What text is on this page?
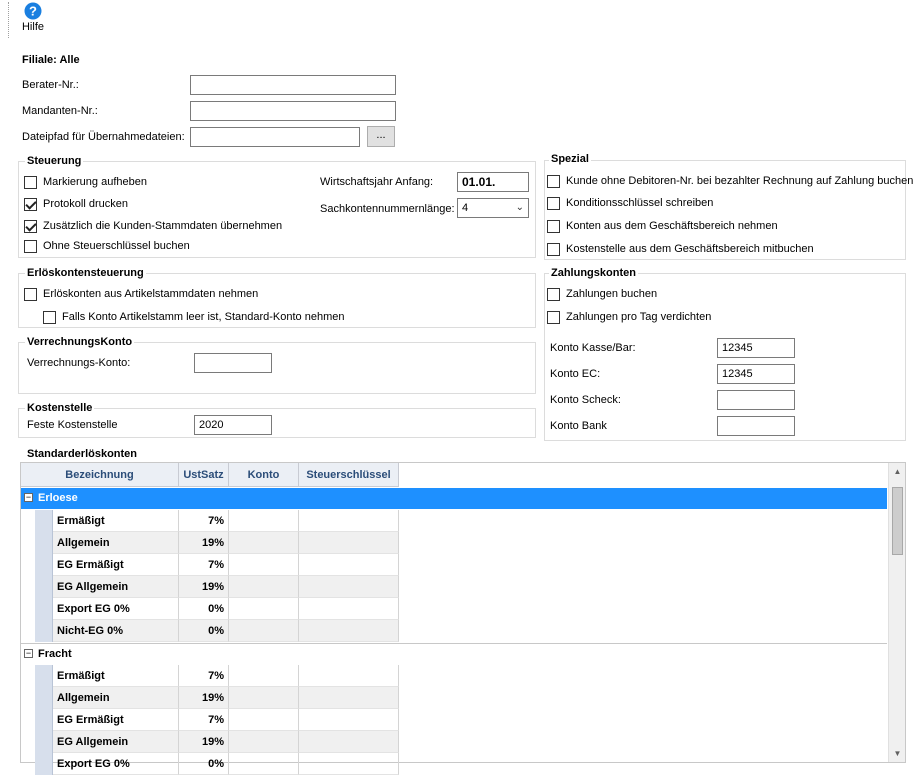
?
Hilfe
Filiale: Alle
Berater-Nr.:
Mandanten-Nr.:
Dateipfad für Übernahmedateien:	...
Steuerung
Markierung aufheben
Protokoll drucken
Zusätzlich die Kunden-Stammdaten übernehmen
Ohne Steuerschlüssel buchen
Wirtschaftsjahr Anfang:
01.01.
Sachkontennummernlänge: 4	⌄
Spezial
Kunde ohne Debitoren-Nr. bei bezahlter Rechnung auf Zahlung buchen
Konditionsschlüssel schreiben
Konten aus dem Geschäftsbereich nehmen
Kostenstelle aus dem Geschäftsbereich mitbuchen
Erlöskontensteuerung
Erlöskonten aus Artikelstammdaten nehmen
Falls Konto Artikelstamm leer ist, Standard-Konto nehmen
VerrechnungsKonto
Verrechnungs-Konto:
Kostenstelle
Feste Kostenstelle
2020
Zahlungskonten
Zahlungen buchen
Zahlungen pro Tag verdichten
Konto Kasse/Bar:
12345
Konto EC:
12345
Konto Scheck:
Konto Bank
Standarderlöskonten
Bezeichnung	UstSatz	Konto	Steuerschlüssel
− Erloese
Ermäßigt	7%
Allgemein	19%
EG Ermäßigt	7%
EG Allgemein	19%
Export EG 0%	0%
Nicht-EG 0%	0%
− Fracht
Ermäßigt	7%
Allgemein	19%
EG Ermäßigt	7%
EG Allgemein	19%
Export EG 0%	0%
▲
▼
